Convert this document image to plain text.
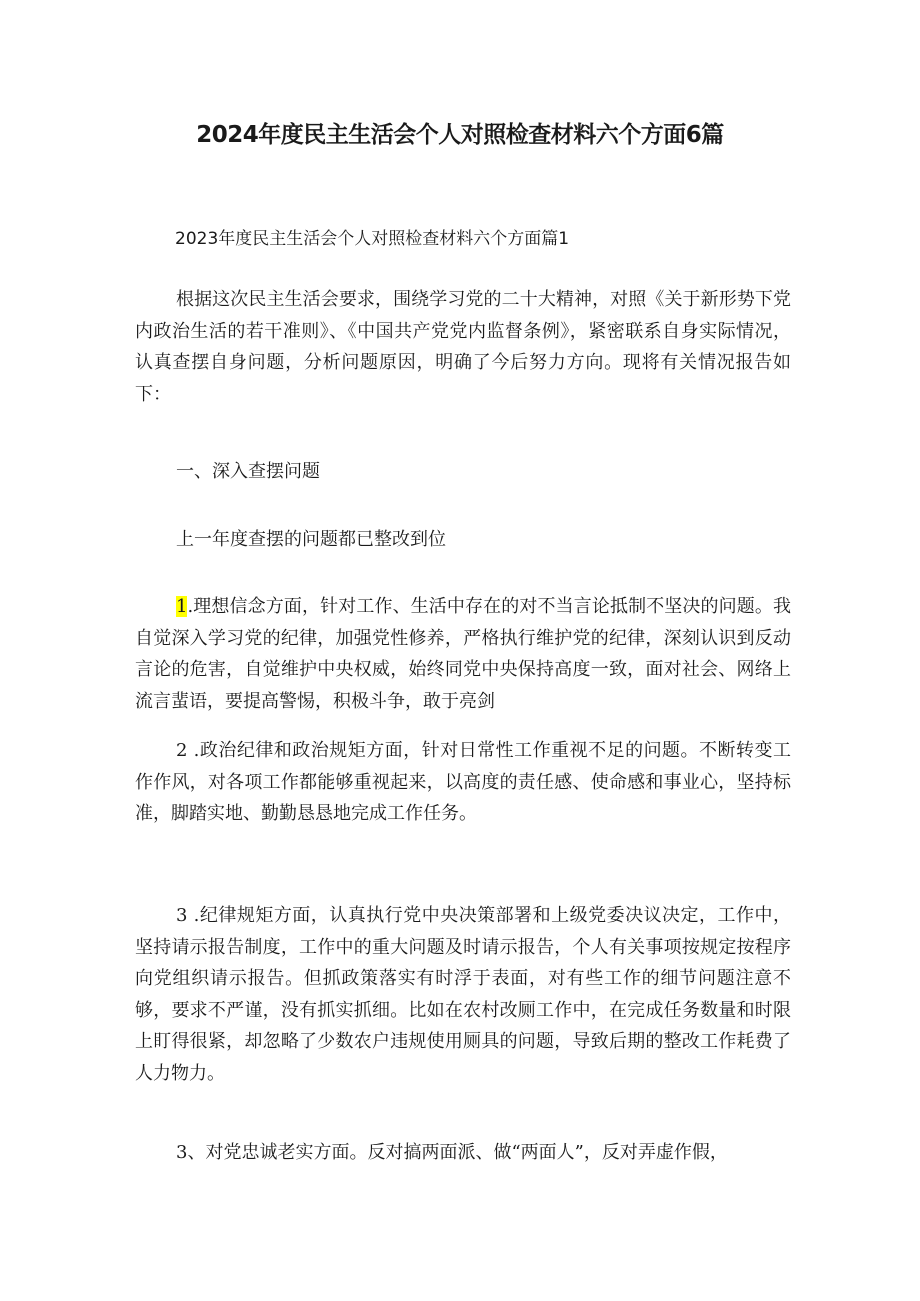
2024年度民主生活会个人对照检查材料六个方面6篇

2023年度民主生活会个人对照检查材料六个方面篇1

根据这次民主生活会要求，围绕学习党的二十大精神，对照《关于新形势下党内政治生活的若干准则》、《中国共产党党内监督条例》，紧密联系自身实际情况，认真查摆自身问题，分析问题原因，明确了今后努力方向。现将有关情况报告如下：

一、深入查摆问题

上一年度查摆的问题都已整改到位

1.理想信念方面，针对工作、生活中存在的对不当言论抵制不坚决的问题。我自觉深入学习党的纪律，加强党性修养，严格执行维护党的纪律，深刻认识到反动言论的危害，自觉维护中央权威，始终同党中央保持高度一致，面对社会、网络上流言蜚语，要提高警惕，积极斗争，敢于亮剑

2 .政治纪律和政治规矩方面，针对日常性工作重视不足的问题。不断转变工作作风，对各项工作都能够重视起来，以高度的责任感、使命感和事业心，坚持标准，脚踏实地、勤勤恳恳地完成工作任务。

3 .纪律规矩方面，认真执行党中央决策部署和上级党委决议决定，工作中，坚持请示报告制度，工作中的重大问题及时请示报告，个人有关事项按规定按程序向党组织请示报告。但抓政策落实有时浮于表面，对有些工作的细节问题注意不够，要求不严谨，没有抓实抓细。比如在农村改厕工作中，在完成任务数量和时限上盯得很紧，却忽略了少数农户违规使用厕具的问题，导致后期的整改工作耗费了人力物力。

3、对党忠诚老实方面。反对搞两面派、做“两面人”，反对弄虚作假，
